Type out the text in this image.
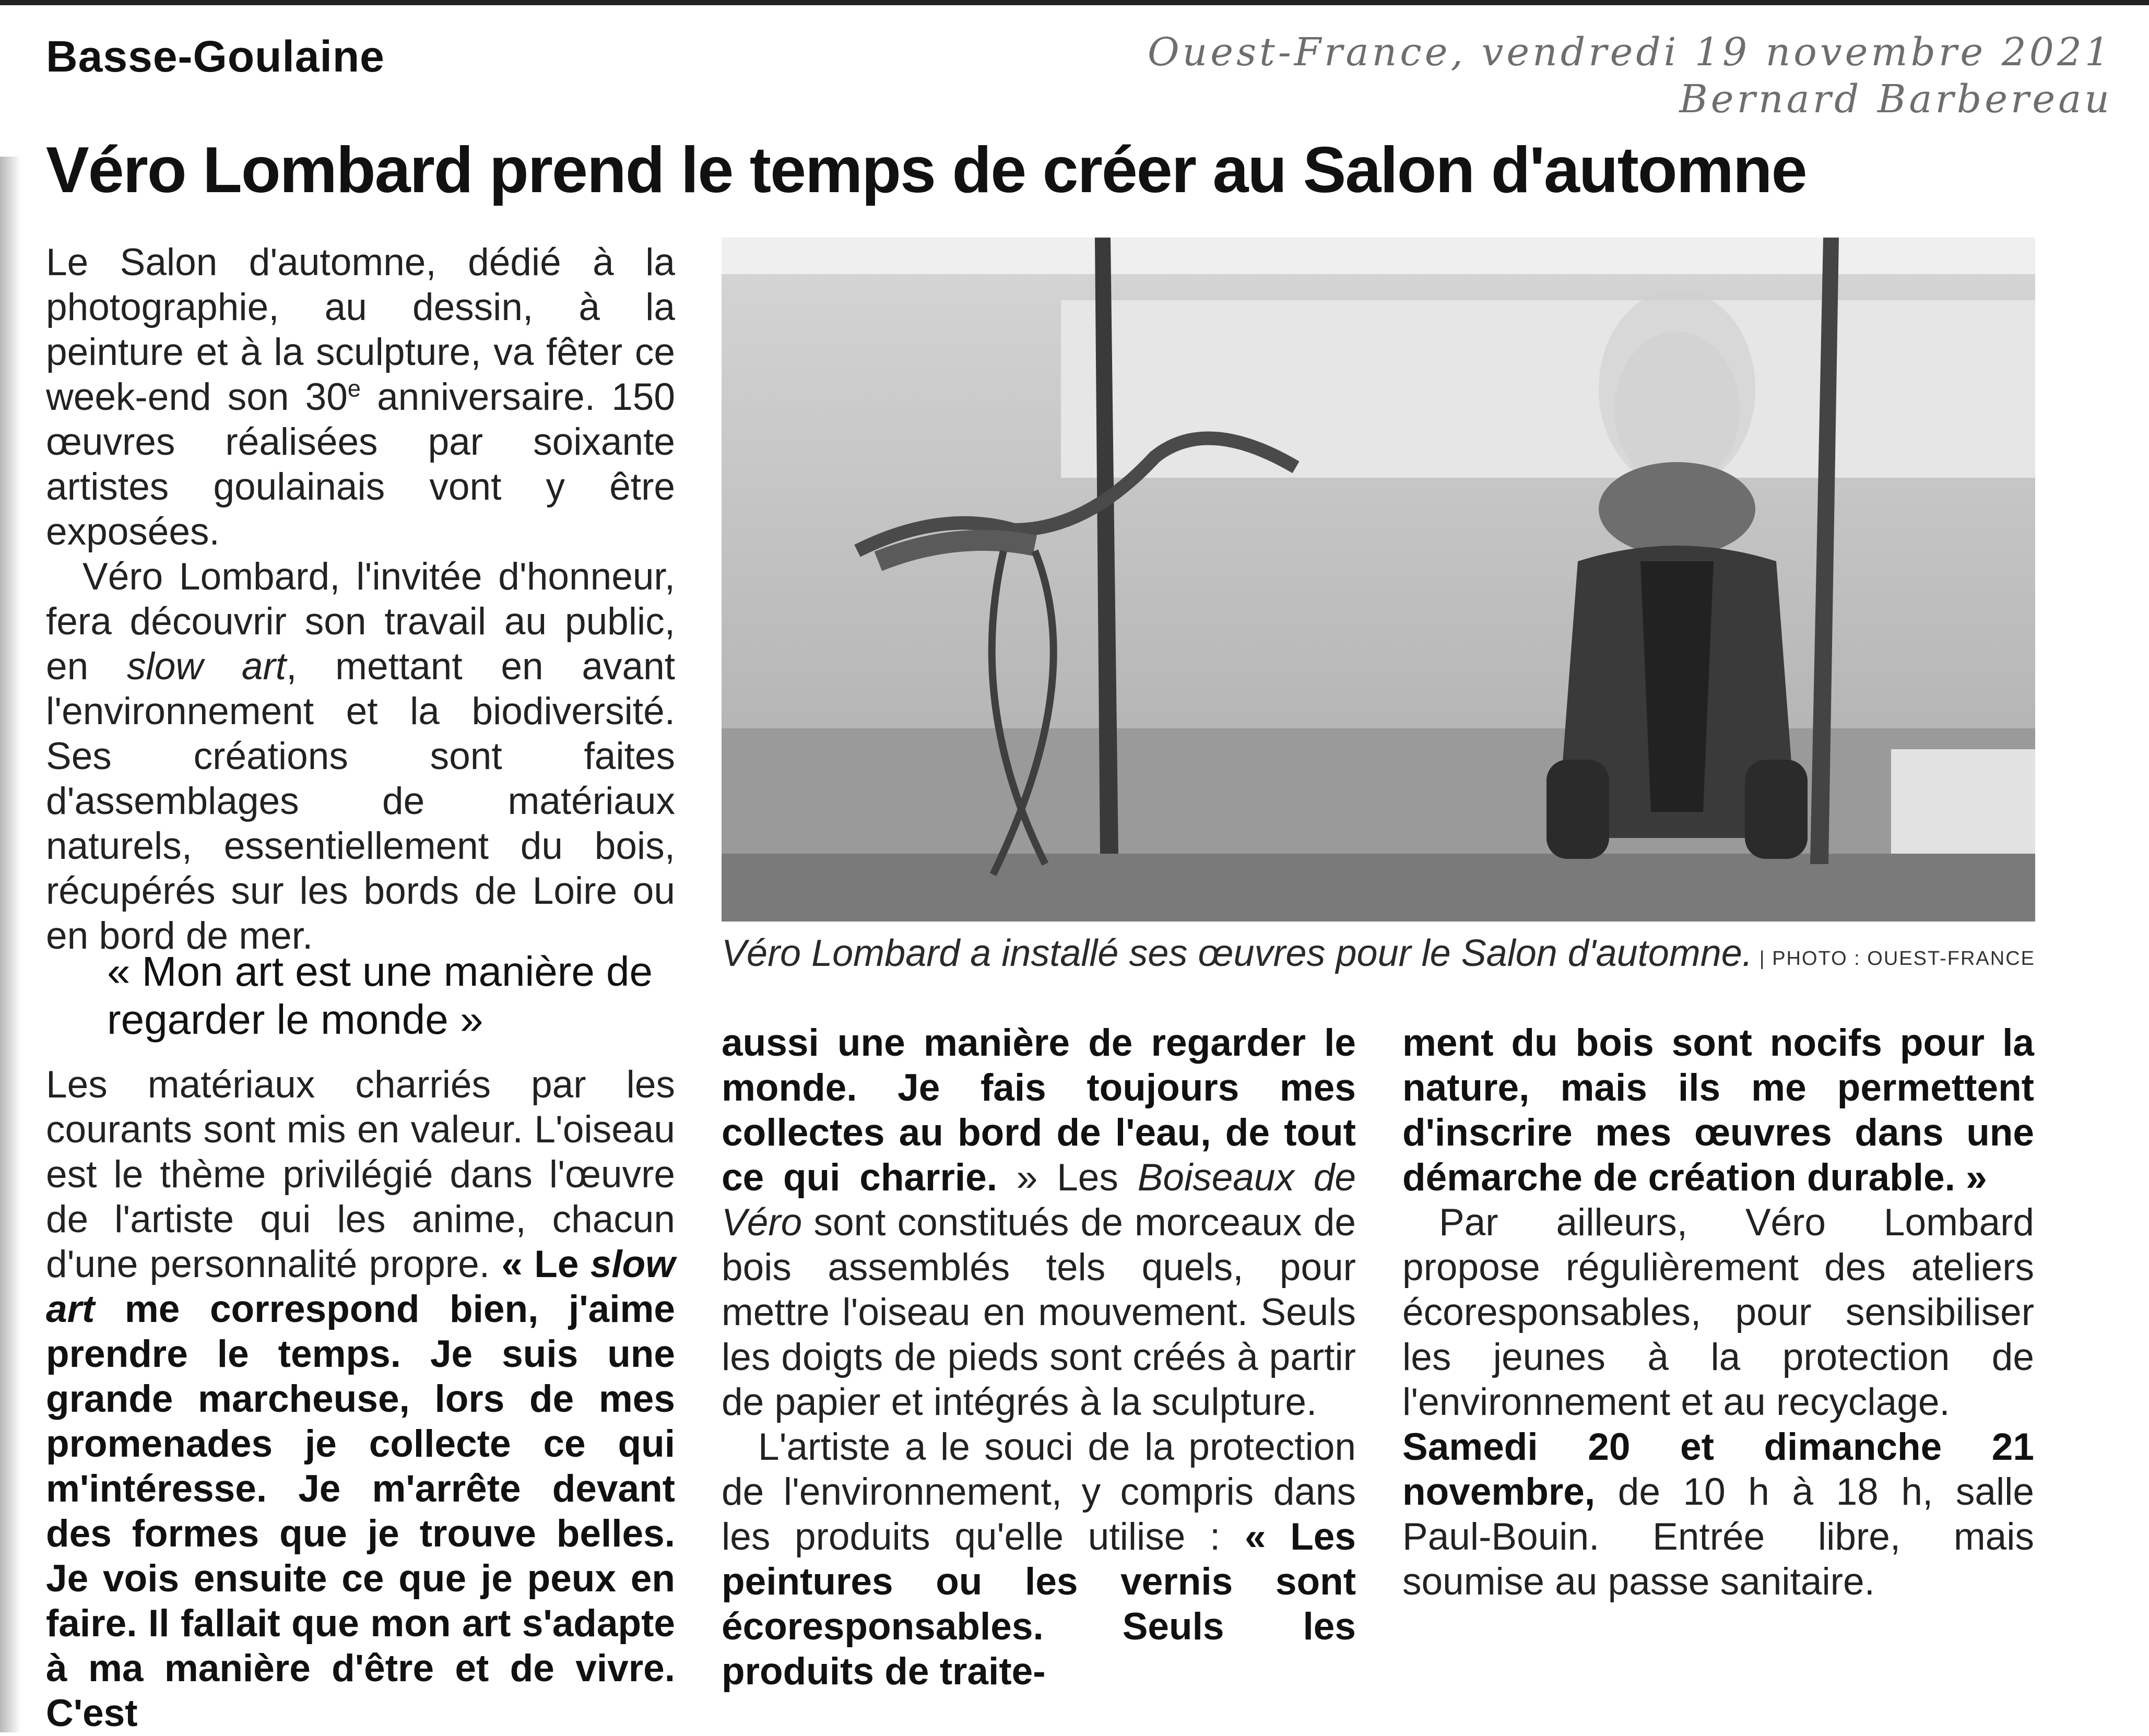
Basse-Goulaine	Ouest-France, vendredi 19 novembre 2021
Bernard Barbereau
Véro Lombard prend le temps de créer au Salon d'automne

Le Salon d'automne, dédié à la photographie, au dessin, à la peinture et à la sculpture, va fêter ce week-end son 30e anniversaire. 150 œuvres réalisées par soixante artistes goulainais vont y être exposées.

Véro Lombard, l'invitée d'honneur, fera découvrir son travail au public, en slow art, mettant en avant l'environnement et la biodiversité. Ses créations sont faites d'assemblages de matériaux naturels, essentiellement du bois, récupérés sur les bords de Loire ou en bord de mer.	Véro Lombard a installé ses œuvres pour le Salon d'automne. | PHOTO : OUEST-FRANCE
« Mon art est une manière de regarder le monde »

Les matériaux charriés par les courants sont mis en valeur. L'oiseau est le thème privilégié dans l'œuvre de l'artiste qui les anime, chacun d'une personnalité propre. « Le slow art me correspond bien, j'aime prendre le temps. Je suis une grande marcheuse, lors de mes promenades je collecte ce qui m'intéresse. Je m'arrête devant des formes que je trouve belles. Je vois ensuite ce que je peux en faire. Il fallait que mon art s'adapte à ma manière d'être et de vivre. C'est

aussi une manière de regarder le monde. Je fais toujours mes collectes au bord de l'eau, de tout ce qui charrie. » Les Boiseaux de Véro sont constitués de morceaux de bois assemblés tels quels, pour mettre l'oiseau en mouvement. Seuls les doigts de pieds sont créés à partir de papier et intégrés à la sculpture.

L'artiste a le souci de la protection de l'environnement, y compris dans les produits qu'elle utilise : « Les peintures ou les vernis sont écoresponsables. Seuls les produits de traite-

ment du bois sont nocifs pour la nature, mais ils me permettent d'inscrire mes œuvres dans une démarche de création durable. »

Par ailleurs, Véro Lombard propose régulièrement des ateliers écoresponsables, pour sensibiliser les jeunes à la protection de l'environnement et au recyclage.

Samedi 20 et dimanche 21 novembre, de 10 h à 18 h, salle Paul-Bouin. Entrée libre, mais soumise au passe sanitaire.
